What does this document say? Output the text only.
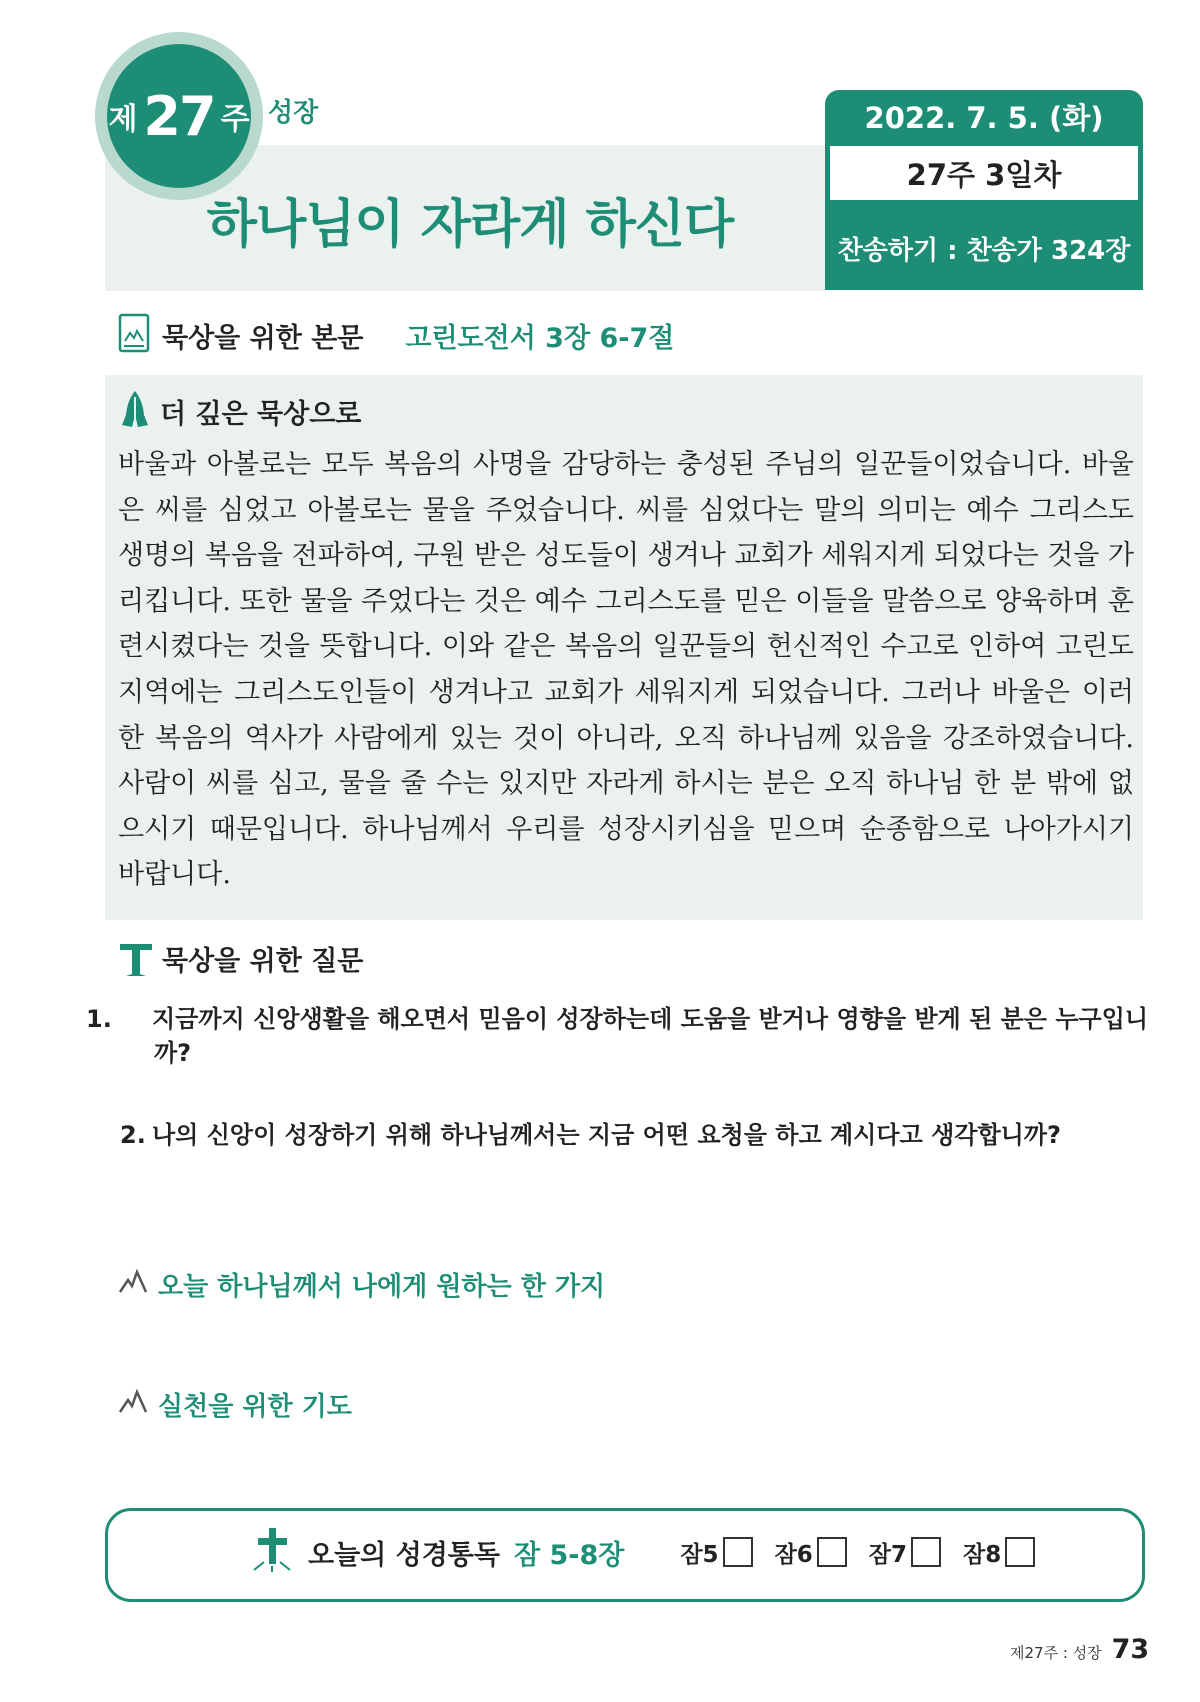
제 27 주 성장
하나님이 자라게 하신다
2022. 7. 5. (화)
27주 3일차
찬송하기 : 찬송가 324장
묵상을 위한 본문 고린도전서 3장 6-7절
더 깊은 묵상으로
바울과 아볼로는 모두 복음의 사명을 감당하는 충성된 주님의 일꾼들이었습니다. 바울은 씨를 심었고 아볼로는 물을 주었습니다. 씨를 심었다는 말의 의미는 예수 그리스도 생명의 복음을 전파하여, 구원 받은 성도들이 생겨나 교회가 세워지게 되었다는 것을 가리킵니다. 또한 물을 주었다는 것은 예수 그리스도를 믿은 이들을 말씀으로 양육하며 훈련시켰다는 것을 뜻합니다. 이와 같은 복음의 일꾼들의 헌신적인 수고로 인하여 고린도 지역에는 그리스도인들이 생겨나고 교회가 세워지게 되었습니다. 그러나 바울은 이러한 복음의 역사가 사람에게 있는 것이 아니라, 오직 하나님께 있음을 강조하였습니다. 사람이 씨를 심고, 물을 줄 수는 있지만 자라게 하시는 분은 오직 하나님 한 분 밖에 없으시기 때문입니다. 하나님께서 우리를 성장시키심을 믿으며 순종함으로 나아가시기 바랍니다.
묵상을 위한 질문
1. 지금까지 신앙생활을 해오면서 믿음이 성장하는데 도움을 받거나 영향을 받게 된 분은 누구입니까?
2. 나의 신앙이 성장하기 위해 하나님께서는 지금 어떤 요청을 하고 계시다고 생각합니까?
오늘 하나님께서 나에게 원하는 한 가지
실천을 위한 기도
오늘의 성경통독 잠 5-8장 잠5 잠6 잠7 잠8
제27주 : 성장 73
